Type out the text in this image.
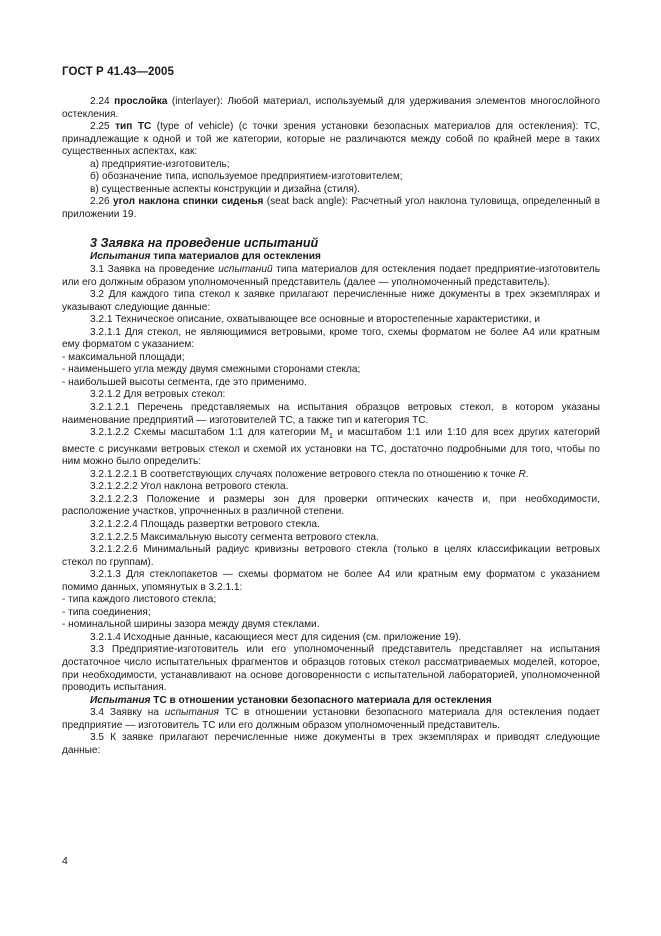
ГОСТ Р 41.43—2005

2.24 прослойка (interlayer): Любой материал, используемый для удерживания элементов многослойного остекления.

2.25 тип ТС (type of vehicle) (с точки зрения установки безопасных материалов для остекления): ТС, принадлежащие к одной и той же категории, которые не различаются между собой по крайней мере в таких существенных аспектах, как:

а) предприятие-изготовитель;

б) обозначение типа, используемое предприятием-изготовителем;

в) существенные аспекты конструкции и дизайна (стиля).

2.26 угол наклона спинки сиденья (seat back angle): Расчетный угол наклона туловища, определенный в приложении 19.

3 Заявка на проведение испытаний

Испытания типа материалов для остекления

3.1 Заявка на проведение испытаний типа материалов для остекления подает предприятие-изготовитель или его должным образом уполномоченный представитель (далее — уполномоченный представитель).

3.2 Для каждого типа стекол к заявке прилагают перечисленные ниже документы в трех экземплярах и указывают следующие данные:

3.2.1 Техническое описание, охватывающее все основные и второстепенные характеристики, и

3.2.1.1 Для стекол, не являющимися ветровыми, кроме того, схемы форматом не более А4 или кратным ему форматом с указанием:

- максимальной площади;

- наименьшего угла между двумя смежными сторонами стекла;

- наибольшей высоты сегмента, где это применимо.

3.2.1.2 Для ветровых стекол:

3.2.1.2.1 Перечень представляемых на испытания образцов ветровых стекол, в котором указаны наименование предприятий — изготовителей ТС, а также тип и категория ТС.

3.2.1.2.2 Схемы масштабом 1:1 для категории $М_1$ и масштабом 1:1 или 1:10 для всех других категорий вместе с рисунками ветровых стекол и схемой их установки на ТС, достаточно подробными для того, чтобы по ним можно было определить:

3.2.1.2.2.1 В соответствующих случаях положение ветрового стекла по отношению к точке R.

3.2.1.2.2.2 Угол наклона ветрового стекла.

3.2.1.2.2.3 Положение и размеры зон для проверки оптических качеств и, при необходимости, расположение участков, упрочненных в различной степени.

3.2.1.2.2.4 Площадь развертки ветрового стекла.

3.2.1.2.2.5 Максимальную высоту сегмента ветрового стекла.

3.2.1.2.2.6 Минимальный радиус кривизны ветрового стекла (только в целях классификации ветровых стекол по группам).

3.2.1.3 Для стеклопакетов — схемы форматом не более А4 или кратным ему форматом с указанием помимо данных, упомянутых в 3.2.1.1:

- типа каждого листового стекла;

- типа соединения;

- номинальной ширины зазора между двумя стеклами.

3.2.1.4 Исходные данные, касающиеся мест для сидения (см. приложение 19).

3.3 Предприятие-изготовитель или его уполномоченный представитель представляет на испытания достаточное число испытательных фрагментов и образцов готовых стекол рассматриваемых моделей, которое, при необходимости, устанавливают на основе договоренности с испытательной лабораторией, уполномоченной проводить испытания.

Испытания ТС в отношении установки безопасного материала для остекления

3.4 Заявку на испытания ТС в отношении установки безопасного материала для остекления подает предприятие — изготовитель ТС или его должным образом уполномоченный представитель.

3.5 К заявке прилагают перечисленные ниже документы в трех экземплярах и приводят следующие данные:

4
